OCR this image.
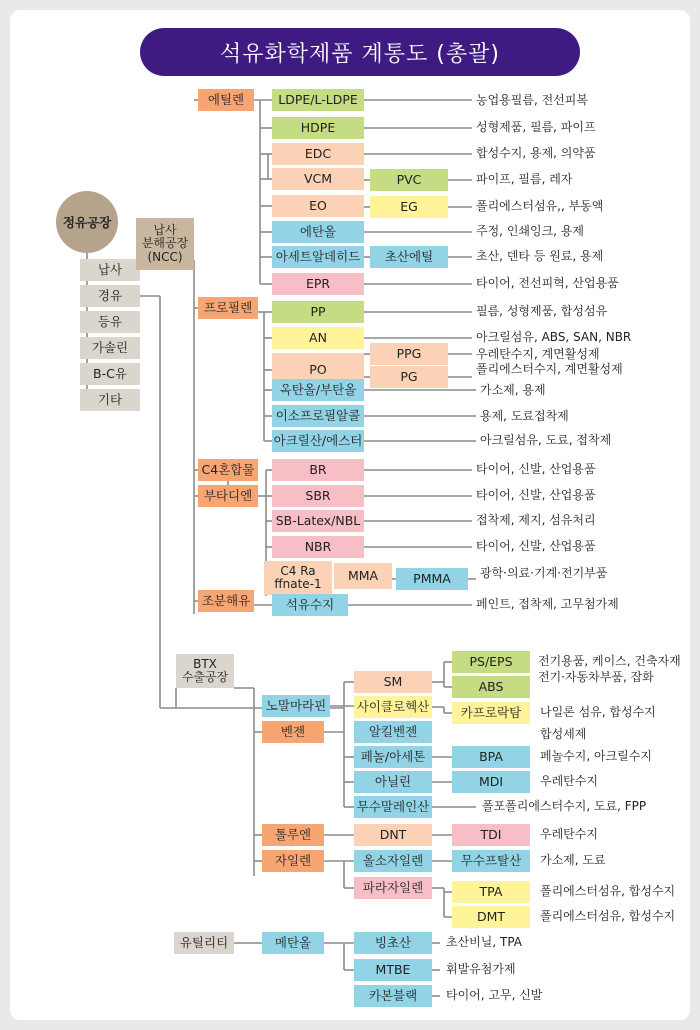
석유화학제품 계통도 (총괄)
정유공장
납사
경유
등유
가솔린
B-C유
기타
납사
분해공장
(NCC)
에틸렌	LDPE/L-LDPE
HDPE
EDC
VCM	PVC
EO	EG
에탄올
아세트알데히드	초산에틸
EPR
농업용필름, 전선피복
성형제품, 필름, 파이프
합성수지, 용제, 의약품
파이프, 필름, 레자
폴리에스터섬유,, 부동액
주정, 인쇄잉크, 용제
초산, 덴타 등 원료, 용제
타이어, 전선피혁, 산업용품
프로필렌	PP
AN
PO
PPG
PG
옥탄올/부탄올
이소프로필알콜
아크릴산/에스터
필름, 성형제품, 합성섬유
아크릴섬유, ABS, SAN, NBR
우레탄수지, 계면활성제
폴리에스터수지, 계면활성제
가소제, 용제
용제, 도료접착제
아크릴섬유, 도료, 접착제
C4혼합물
부타디엔
BR
SBR
SB-Latex/NBL
NBR
C4 Ra
ffnate-1
MMA	PMMA
타이어, 신발, 산업용품
타이어, 신발, 산업용품
접착제, 제지, 섬유처리
타이어, 신발, 산업용품
광학·의료·기계·전기부품
조분해유	석유수지	페인트, 접착제, 고무첨가제
BTX
수출공장
노말마라핀
벤젠
SM
사이클로헥산
알킬벤젠
페놀/아세톤
아닐린
무수말레인산
PS/EPS
ABS
카프로락탐
BPA
MDI
전기용품, 케이스, 건축자재
전기·자동차부품, 잡화
나일론 섬유, 합성수지
합성세제
페놀수지, 아크릴수지
우레탄수지
폴포폴리에스터수지, 도료, FPP
톨루엔	DNT	TDI	우레탄수지
자일렌	올소자일렌	무수프탈산	가소제, 도료
파라자일렌	TPA
DMT
폴리에스터섬유, 합성수지
폴리에스터섬유, 합성수지
유틸리티	메탄올	빙초산
MTBE
카본블랙
초산비닐, TPA
휘발유첨가제
타이어, 고무, 신발
